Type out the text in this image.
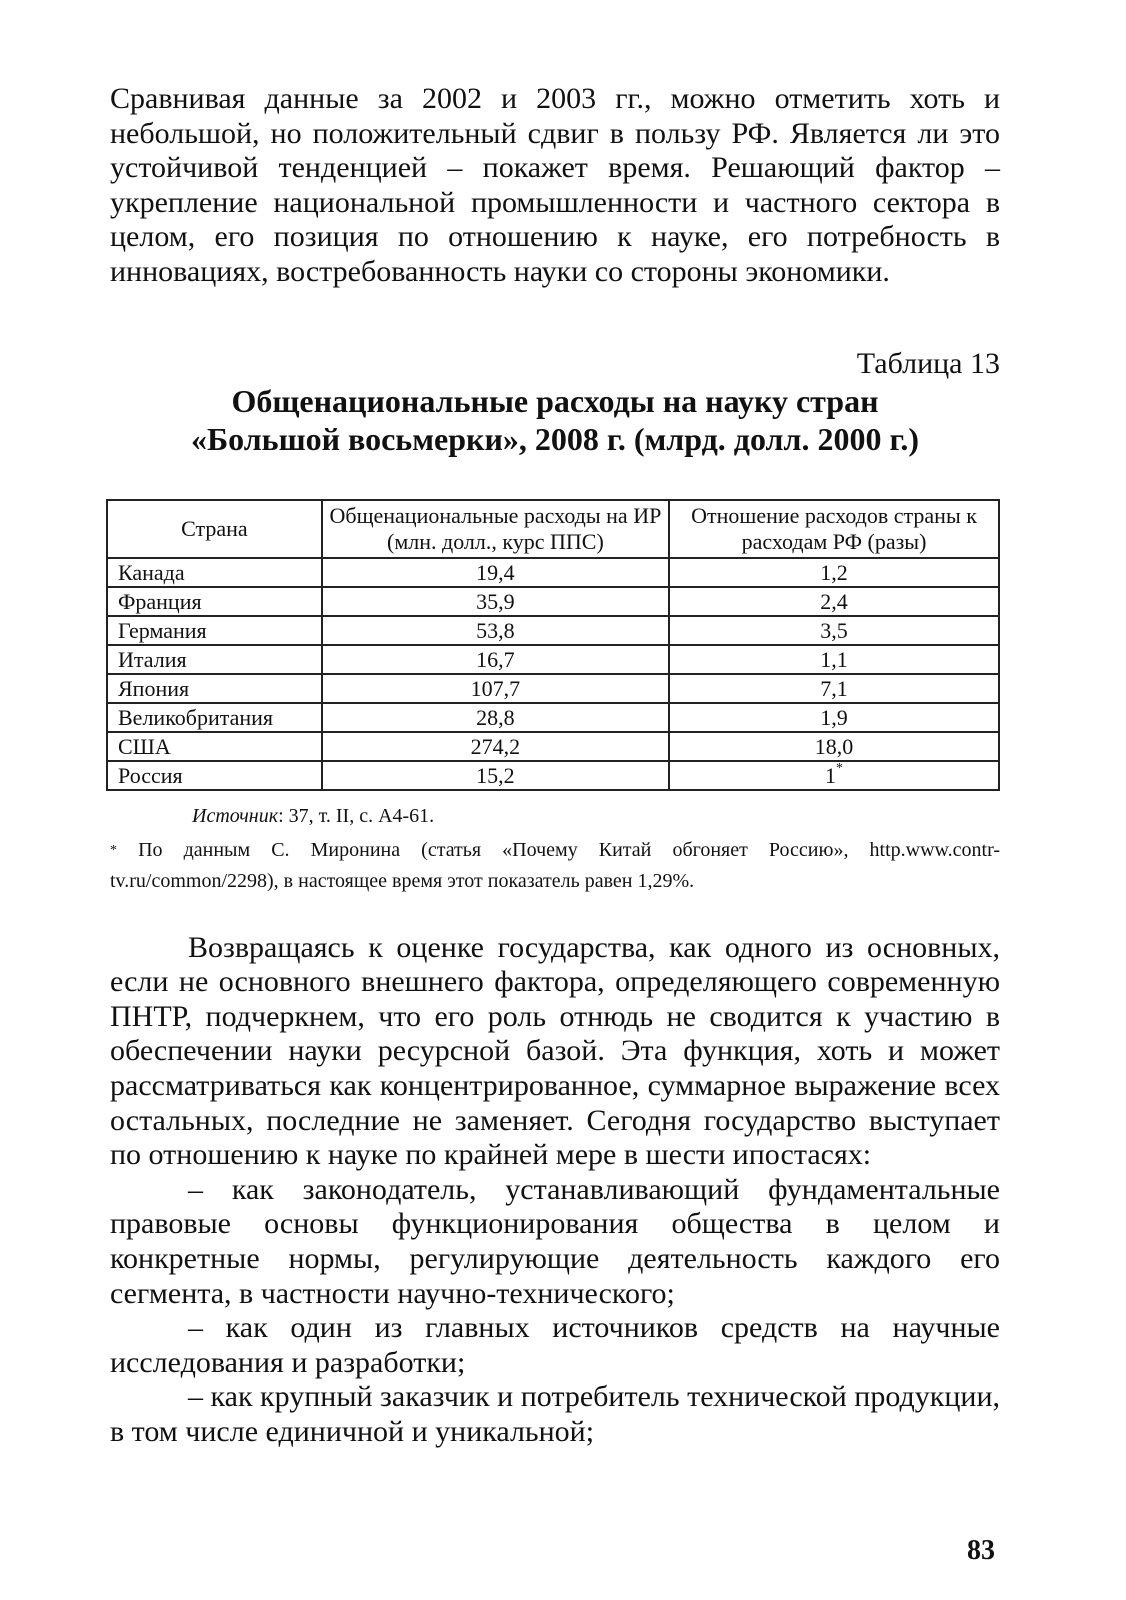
Сравнивая данные за 2002 и 2003 гг., можно отметить хоть и небольшой, но положительный сдвиг в пользу РФ. Является ли это устойчивой тенденцией – покажет время. Решающий фактор – укрепление национальной промышленности и частного сектора в целом, его позиция по отношению к науке, его потребность в инновациях, востребованность науки со стороны экономики.

Таблица 13

Общенациональные расходы на науку стран

«Большой восьмерки», 2008 г. (млрд. долл. 2000 г.)

Страна	Общенациональные расходы на ИР (млн. долл., курс ППС)	Отношение расходов страны к расходам РФ (разы)
Канада	19,4	1,2
Франция	35,9	2,4
Германия	53,8	3,5
Италия	16,7	1,1
Япония	107,7	7,1
Великобритания	28,8	1,9
США	274,2	18,0
Россия	15,2	1*

Источник: 37, т. II, с. А4-61.

* По данным С. Миронина (статья «Почему Китай обгоняет Россию», http.www.contr-tv.ru/common/2298), в настоящее время этот показатель равен 1,29%.

Возвращаясь к оценке государства, как одного из основных, если не основного внешнего фактора, определяющего современную ПНТР, подчеркнем, что его роль отнюдь не сводится к участию в обеспечении науки ресурсной базой. Эта функция, хоть и может рассматриваться как концентрированное, суммарное выражение всех остальных, последние не заменяет. Сегодня государство выступает по отношению к науке по крайней мере в шести ипостасях:

– как законодатель, устанавливающий фундаментальные правовые основы функционирования общества в целом и конкретные нормы, регулирующие деятельность каждого его сегмента, в частности научно-технического;

– как один из главных источников средств на научные исследования и разработки;

– как крупный заказчик и потребитель технической продукции, в том числе единичной и уникальной;

83
